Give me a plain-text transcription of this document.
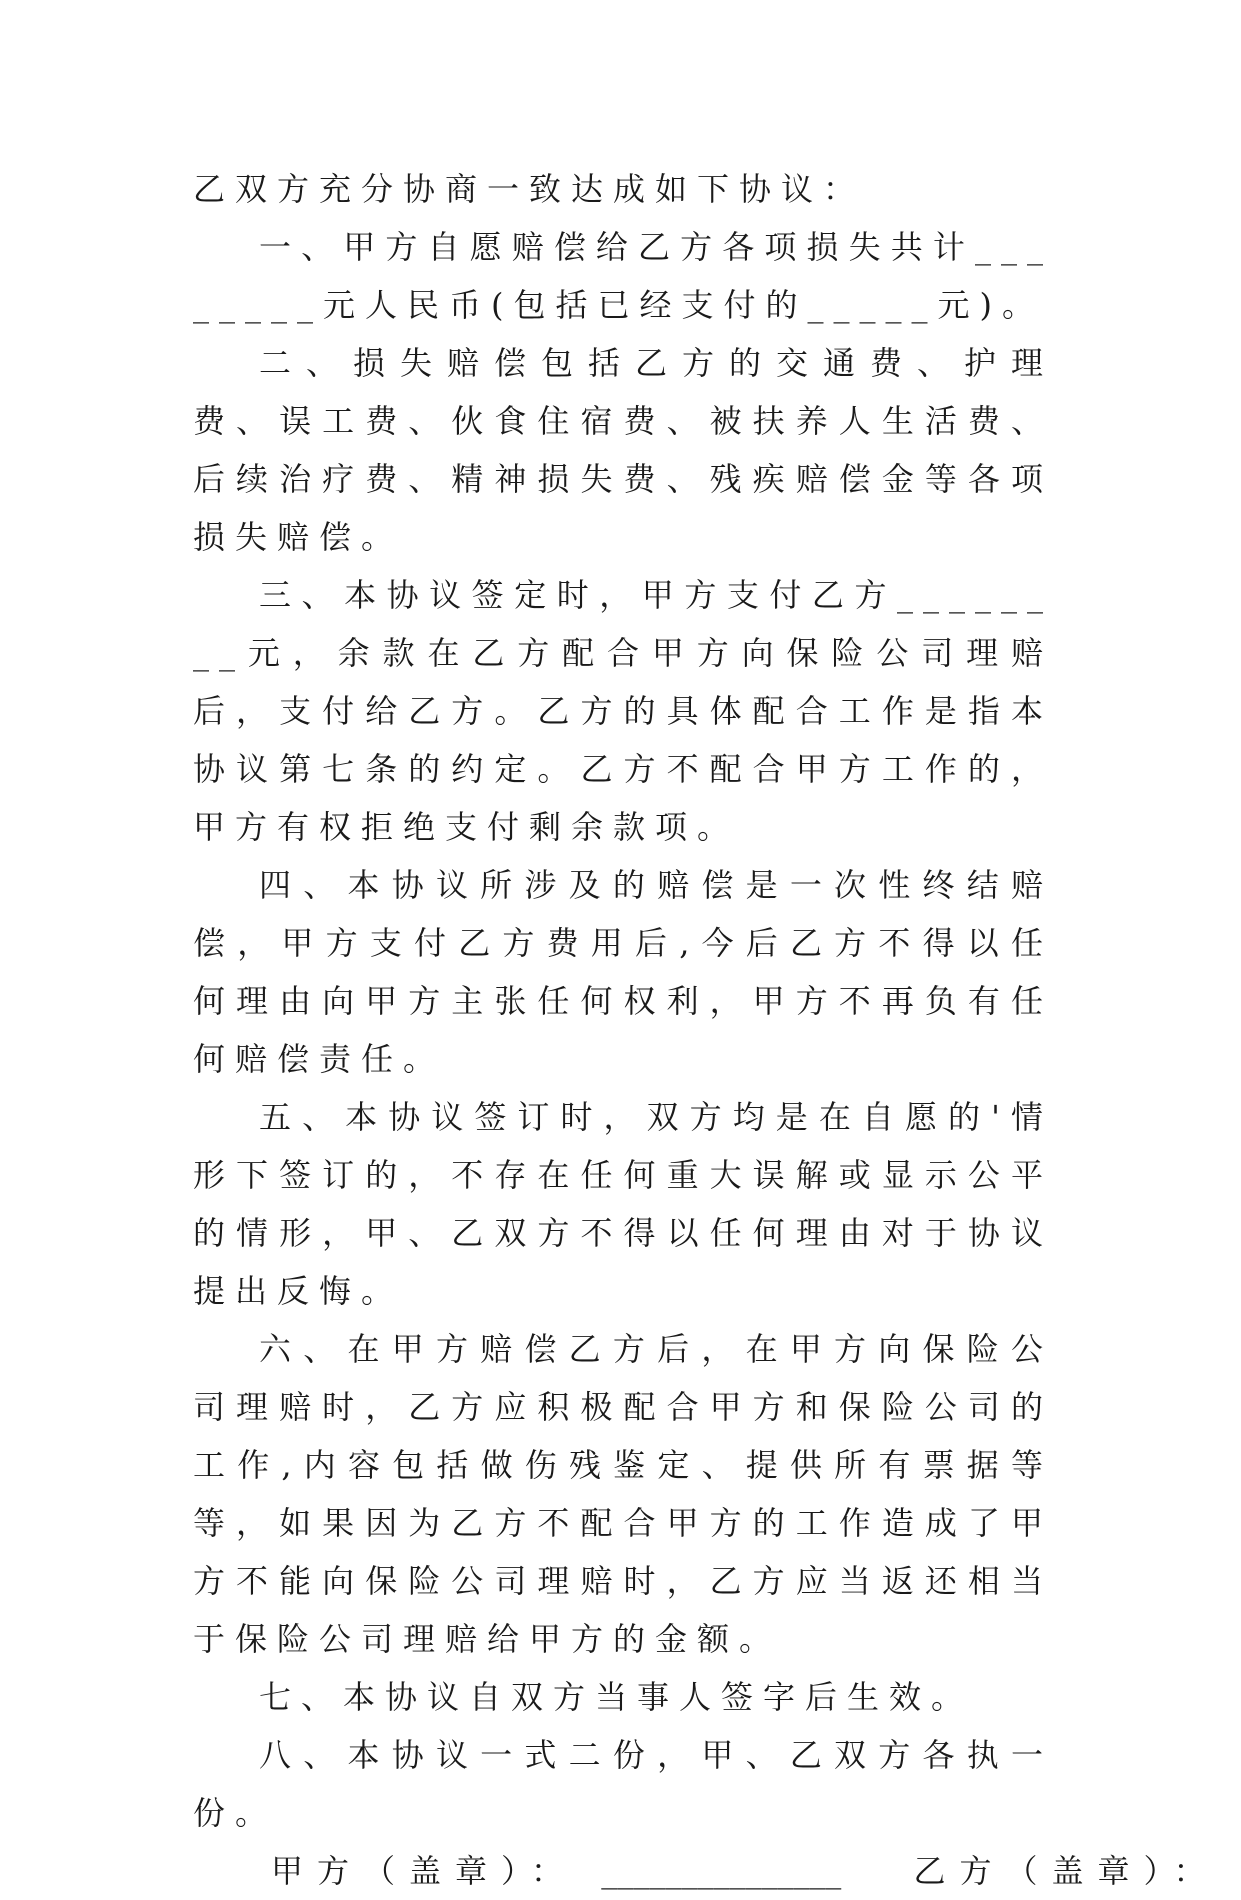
乙双方充分协商一致达成如下协议：

一、甲方自愿赔偿给乙方各项损失共计________元人民币(包括已经支付的_____元)。

二、损失赔偿包括乙方的交通费、护理费、误工费、伙食住宿费、被扶养人生活费、后续治疗费、精神损失费、残疾赔偿金等各项损失赔偿。

三、本协议签定时，甲方支付乙方________元，余款在乙方配合甲方向保险公司理赔后，支付给乙方。乙方的具体配合工作是指本协议第七条的约定。乙方不配合甲方工作的，甲方有权拒绝支付剩余款项。

四、本协议所涉及的赔偿是一次性终结赔偿，甲方支付乙方费用后,今后乙方不得以任何理由向甲方主张任何权利，甲方不再负有任何赔偿责任。

五、本协议签订时，双方均是在自愿的'情形下签订的，不存在任何重大误解或显示公平的情形，甲、乙双方不得以任何理由对于协议提出反悔。

六、在甲方赔偿乙方后，在甲方向保险公司理赔时，乙方应积极配合甲方和保险公司的工作,内容包括做伤残鉴定、提供所有票据等等，如果因为乙方不配合甲方的工作造成了甲方不能向保险公司理赔时，乙方应当返还相当于保险公司理赔给甲方的金额。

七、本协议自双方当事人签字后生效。

八、本协议一式二份，甲、乙双方各执一份。

甲方（盖章）： _______________ 乙方（盖章）：
